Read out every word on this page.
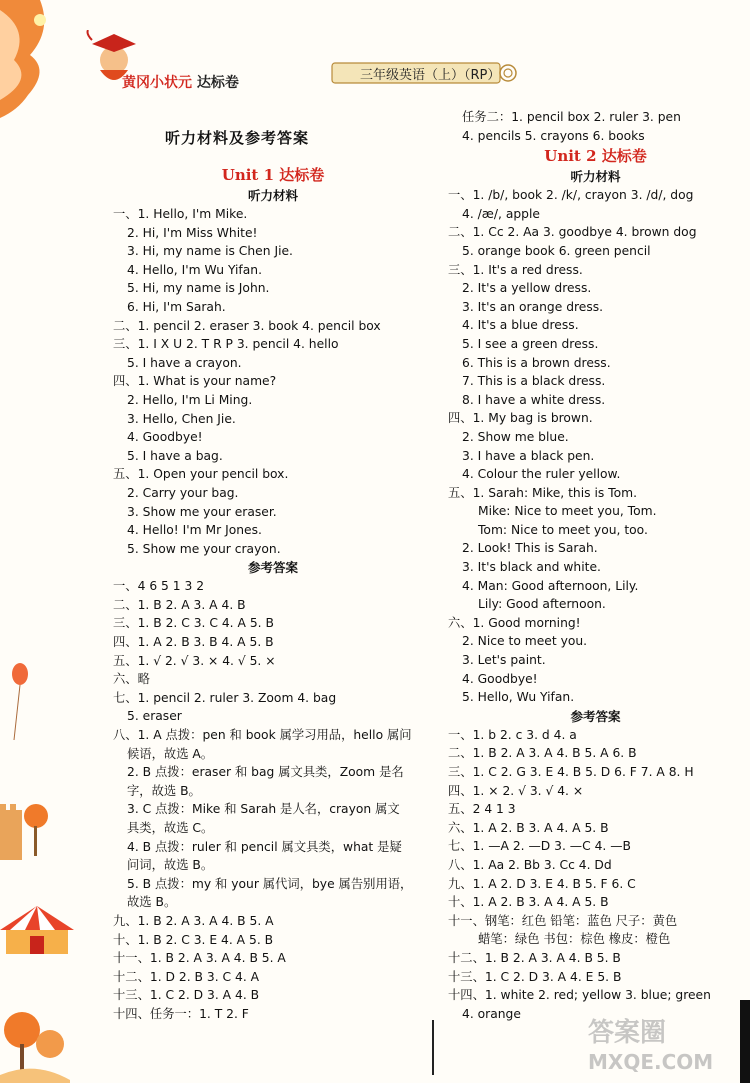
黄冈小状元 达标卷	三年级英语（上）（RP）
听力材料及参考答案
Unit 1 达标卷
听力材料
一、1. Hello, I'm Mike.
2. Hi, I'm Miss White!
3. Hi, my name is Chen Jie.
4. Hello, I'm Wu Yifan.
5. Hi, my name is John.
6. Hi, I'm Sarah.
二、1. pencil 2. eraser 3. book 4. pencil box
三、1. I X U 2. T R P 3. pencil 4. hello
5. I have a crayon.
四、1. What is your name?
2. Hello, I'm Li Ming.
3. Hello, Chen Jie.
4. Goodbye!
5. I have a bag.
五、1. Open your pencil box.
2. Carry your bag.
3. Show me your eraser.
4. Hello! I'm Mr Jones.
5. Show me your crayon.
参考答案
一、4 6 5 1 3 2
二、1. B 2. A 3. A 4. B
三、1. B 2. C 3. C 4. A 5. B
四、1. A 2. B 3. B 4. A 5. B
五、1. √ 2. √ 3. × 4. √ 5. ×
六、略
七、1. pencil 2. ruler 3. Zoom 4. bag
5. eraser
八、1. A 点拨：pen 和 book 属学习用品，hello 属问
候语，故选 A。
2. B 点拨：eraser 和 bag 属文具类，Zoom 是名
字，故选 B。
3. C 点拨：Mike 和 Sarah 是人名，crayon 属文
具类，故选 C。
4. B 点拨：ruler 和 pencil 属文具类，what 是疑
问词，故选 B。
5. B 点拨：my 和 your 属代词，bye 属告别用语，
故选 B。
九、1. B 2. A 3. A 4. B 5. A
十、1. B 2. C 3. E 4. A 5. B
十一、1. B 2. A 3. A 4. B 5. A
十二、1. D 2. B 3. C 4. A
十三、1. C 2. D 3. A 4. B
十四、任务一：1. T 2. F
任务二：1. pencil box 2. ruler 3. pen
4. pencils 5. crayons 6. books
Unit 2 达标卷
听力材料
一、1. /b/, book 2. /k/, crayon 3. /d/, dog
4. /æ/, apple
二、1. Cc 2. Aa 3. goodbye 4. brown dog
5. orange book 6. green pencil
三、1. It's a red dress.
2. It's a yellow dress.
3. It's an orange dress.
4. It's a blue dress.
5. I see a green dress.
6. This is a brown dress.
7. This is a black dress.
8. I have a white dress.
四、1. My bag is brown.
2. Show me blue.
3. I have a black pen.
4. Colour the ruler yellow.
五、1. Sarah: Mike, this is Tom.
Mike: Nice to meet you, Tom.
Tom: Nice to meet you, too.
2. Look! This is Sarah.
3. It's black and white.
4. Man: Good afternoon, Lily.
Lily: Good afternoon.
六、1. Good morning!
2. Nice to meet you.
3. Let's paint.
4. Goodbye!
5. Hello, Wu Yifan.
参考答案
一、1. b 2. c 3. d 4. a
二、1. B 2. A 3. A 4. B 5. A 6. B
三、1. C 2. G 3. E 4. B 5. D 6. F 7. A 8. H
四、1. × 2. √ 3. √ 4. ×
五、2 4 1 3
六、1. A 2. B 3. A 4. A 5. B
七、1. —A 2. —D 3. —C 4. —B
八、1. Aa 2. Bb 3. Cc 4. Dd
九、1. A 2. D 3. E 4. B 5. F 6. C
十、1. A 2. B 3. A 4. A 5. B
十一、钢笔：红色 铅笔：蓝色 尺子：黄色
蜡笔：绿色 书包：棕色 橡皮：橙色
十二、1. B 2. A 3. A 4. B 5. B
十三、1. C 2. D 3. A 4. E 5. B
十四、1. white 2. red; yellow 3. blue; green
4. orange
答案圈
MXQE.COM
